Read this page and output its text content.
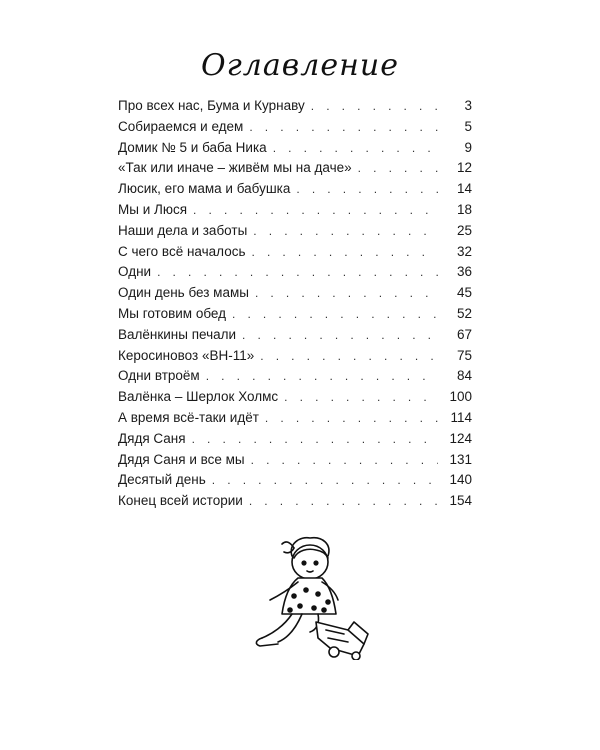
Оглавление
Про всех нас, Бума и Курнаву . . .	3
Собираемся и едем . . .	5
Домик № 5 и баба Ника . . .	9
«Так или иначе – живём мы на даче» . . .	12
Люсик, его мама и бабушка . . .	14
Мы и Люся . . .	18
Наши дела и заботы . . .	25
С чего всё началось . . .	32
Одни . . .	36
Один день без мамы . . .	45
Мы готовим обед . . .	52
Валёнкины печали . . .	67
Керосиновоз «ВН-11» . . .	75
Одни втроём . . .	84
Валёнка – Шерлок Холмс . . .	100
А время всё-таки идёт . . .	114
Дядя Саня . . .	124
Дядя Саня и все мы . . .	131
Десятый день . . .	140
Конец всей истории . . .	154
